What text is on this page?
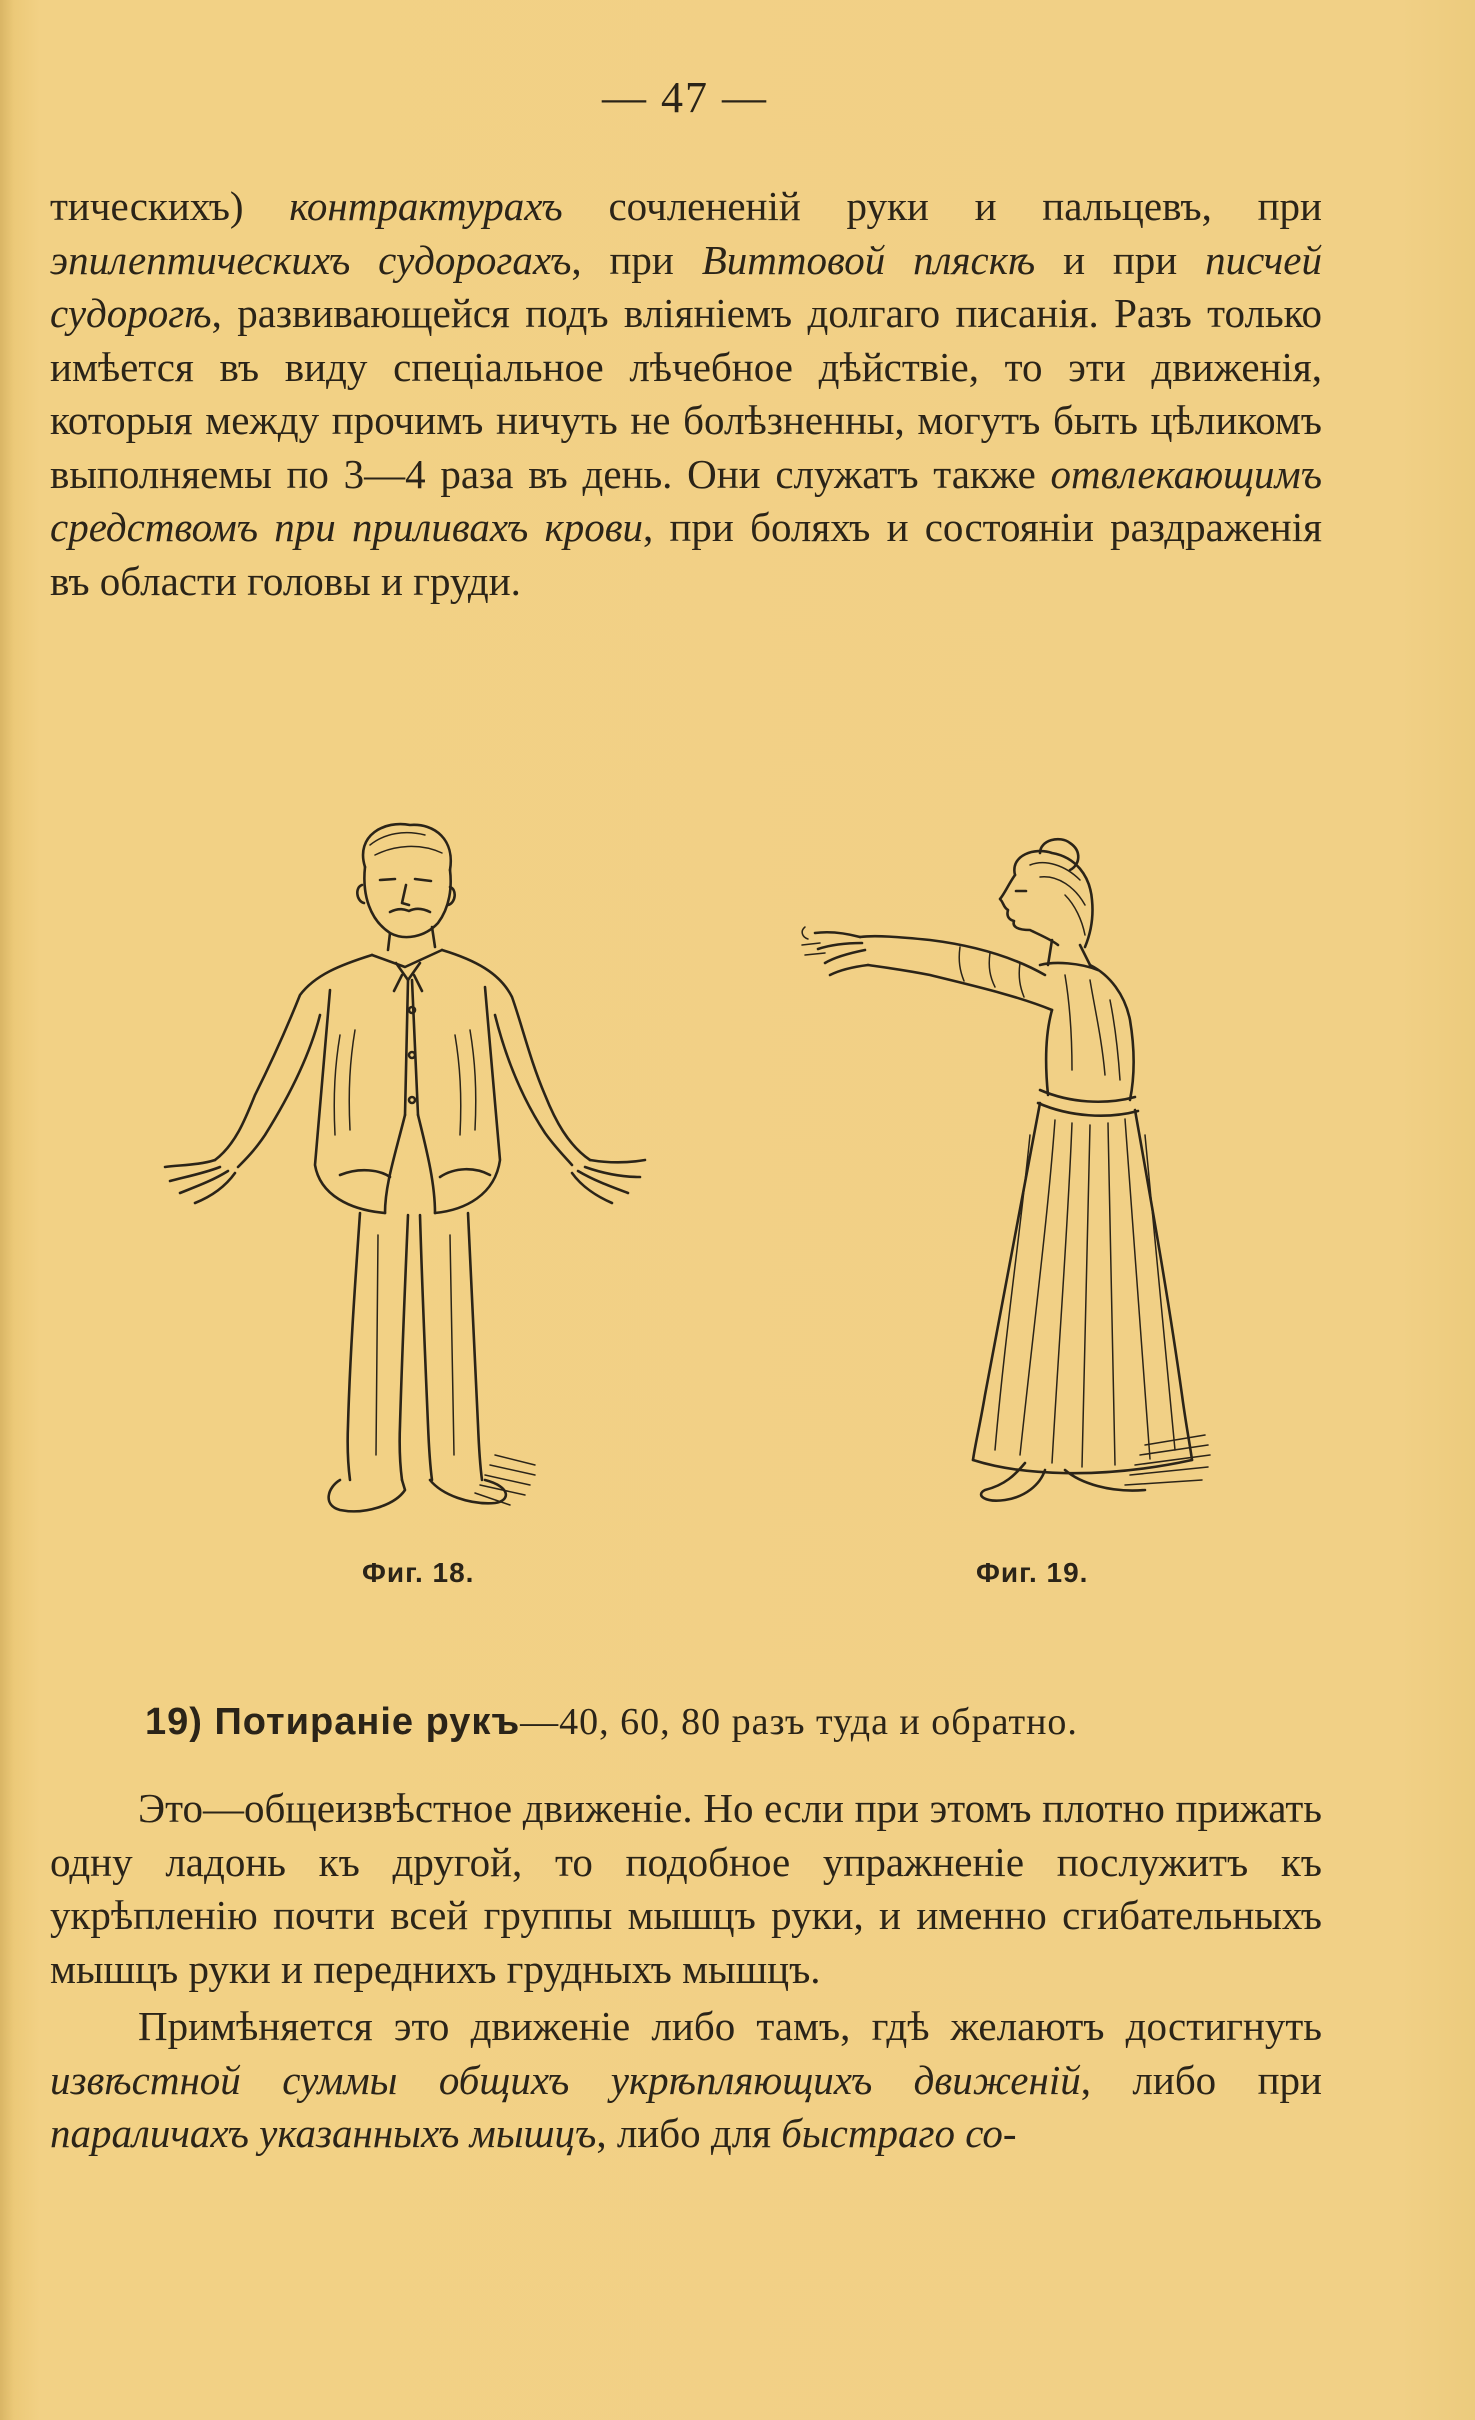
— 47 —

тическихъ) контрактурахъ сочлененій руки и пальцевъ, при эпилептическихъ судорогахъ, при Виттовой пляскѣ и при писчей судорогѣ, развивающейся подъ вліяніемъ долгаго писанія. Разъ только имѣется въ виду спеціальное лѣчебное дѣйствіе, то эти движенія, которыя между прочимъ ничуть не болѣзненны, могутъ быть цѣликомъ выполняемы по 3—4 раза въ день. Они служатъ также отвлекающимъ средствомъ при приливахъ крови, при боляхъ и состояніи раздраженія въ области головы и груди.

Фиг. 18.	Фиг. 19.
19) Потираніе рукъ—40, 60, 80 разъ туда и обратно.

Это—общеизвѣстное движеніе. Но если при этомъ плотно прижать одну ладонь къ другой, то подобное упражненіе послужитъ къ укрѣпленію почти всей группы мышцъ руки, и именно сгибательныхъ мышцъ руки и переднихъ грудныхъ мышцъ.

Примѣняется это движеніе либо тамъ, гдѣ желаютъ достигнуть извѣстной суммы общихъ укрѣпляющихъ движеній, либо при параличахъ указанныхъ мышцъ, либо для быстраго со-
